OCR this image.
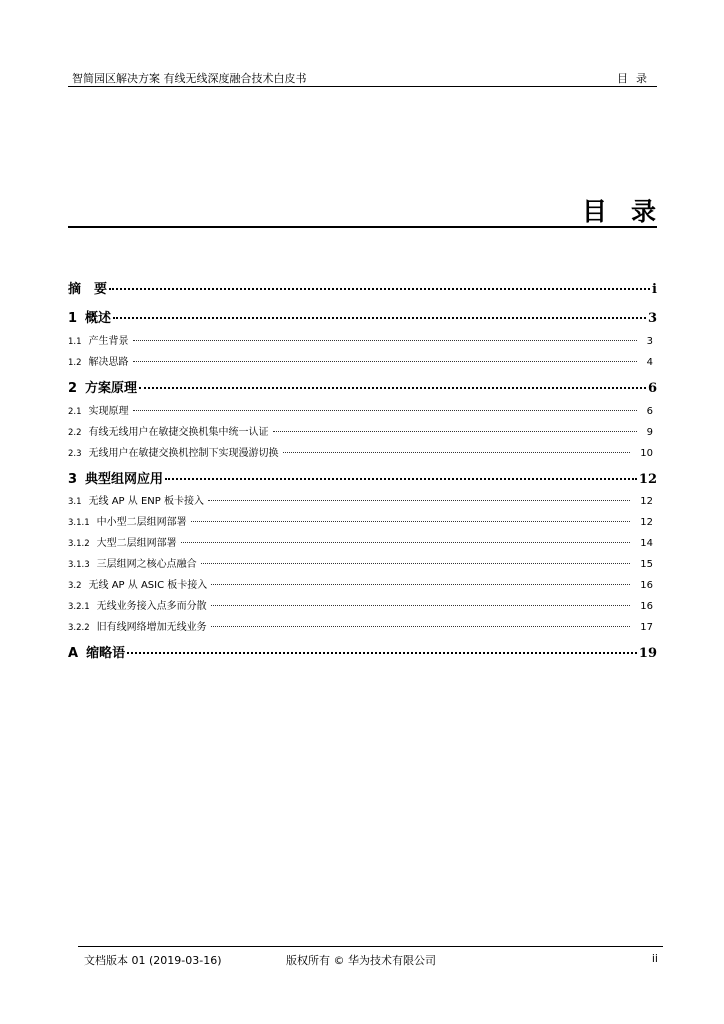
智简园区解决方案 有线无线深度融合技术白皮书	目录
目录
摘　要	i
1 概述	3
1.1 产生背景	3
1.2 解决思路	4
2 方案原理	6
2.1 实现原理	6
2.2 有线无线用户在敏捷交换机集中统一认证	9
2.3 无线用户在敏捷交换机控制下实现漫游切换	10
3 典型组网应用	12
3.1 无线 AP 从 ENP 板卡接入	12
3.1.1 中小型二层组网部署	12
3.1.2 大型二层组网部署	14
3.1.3 三层组网之核心点融合	15
3.2 无线 AP 从 ASIC 板卡接入	16
3.2.1 无线业务接入点多而分散	16
3.2.2 旧有线网络增加无线业务	17
A 缩略语	19
文档版本 01 (2019-03-16)	版权所有 © 华为技术有限公司	ii
